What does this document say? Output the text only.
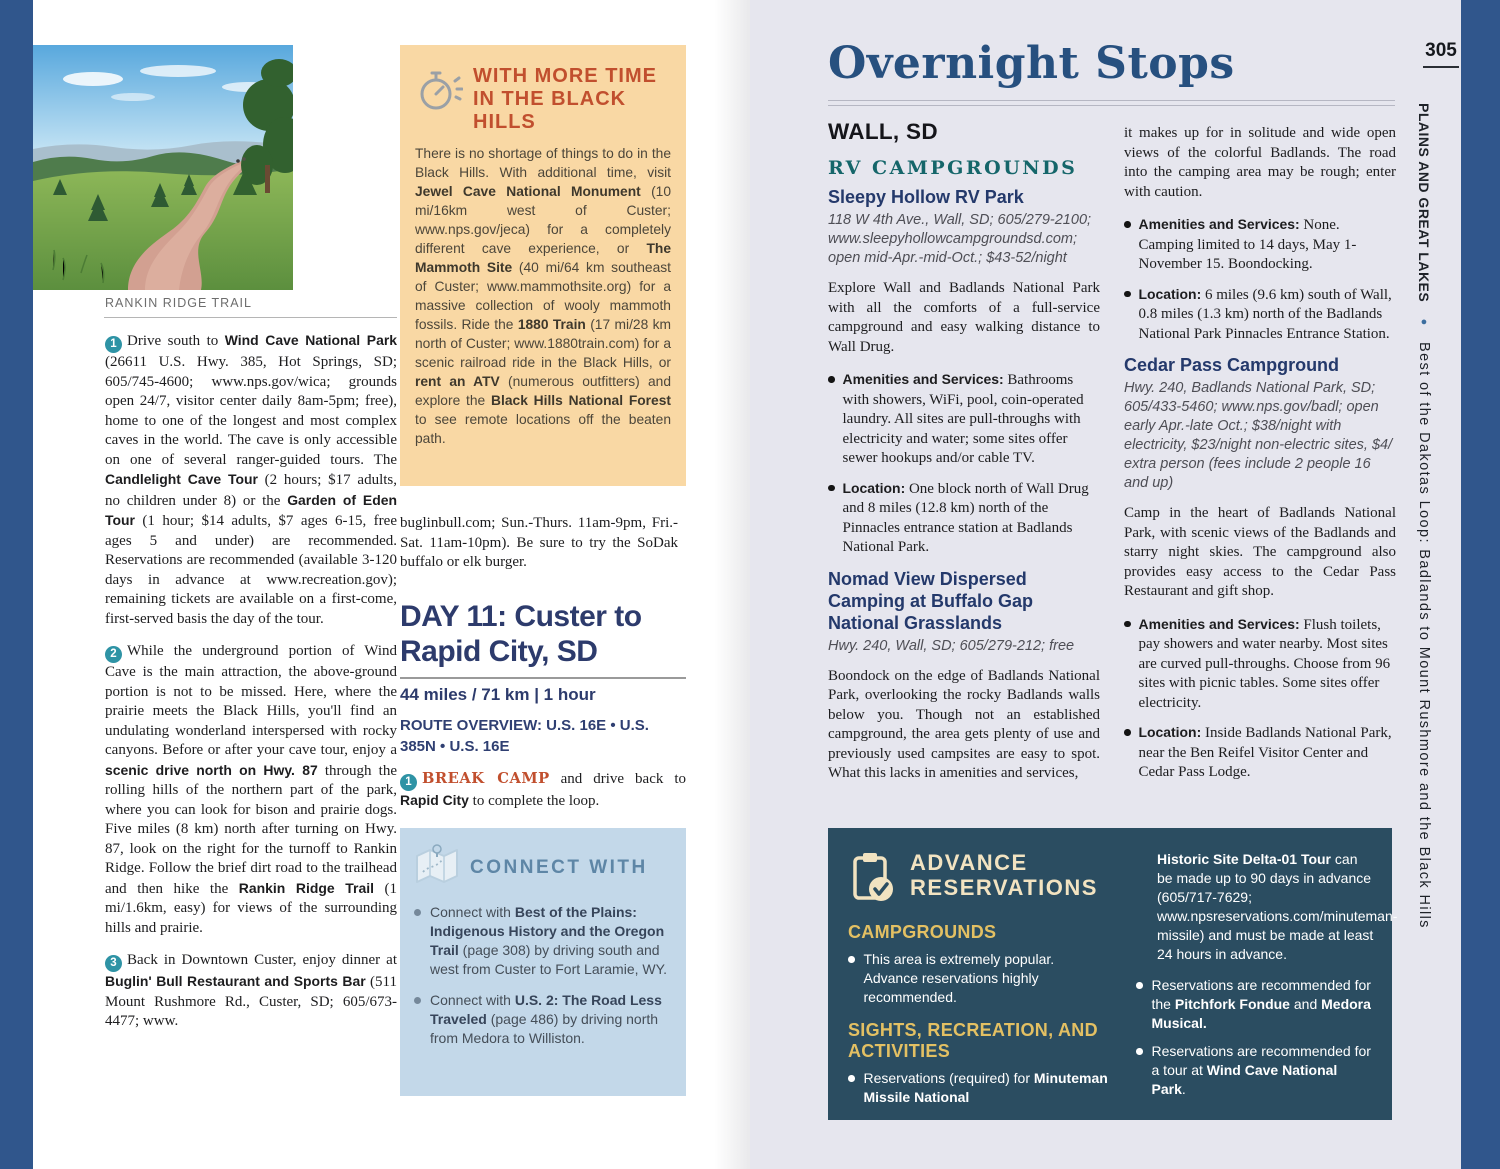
RANKIN RIDGE TRAIL

1 Drive south to Wind Cave National Park (26611 U.S. Hwy. 385, Hot Springs, SD; 605/745-4600; www.nps.gov/wica; grounds open 24/7, visitor center daily 8am-5pm; free), home to one of the longest and most complex caves in the world. The cave is only accessible on one of several ranger-guided tours. The Candlelight Cave Tour (2 hours; $17 adults, no children under 8) or the Garden of Eden Tour (1 hour; $14 adults, $7 ages 6-15, free ages 5 and under) are recommended. Reservations are recommended (available 3-120 days in advance at www.recreation.gov); remaining tickets are available on a first-come, first-served basis the day of the tour.

2 While the underground portion of Wind Cave is the main attraction, the above-ground portion is not to be missed. Here, where the prairie meets the Black Hills, you'll find an undulating wonderland interspersed with rocky canyons. Before or after your cave tour, enjoy a scenic drive north on Hwy. 87 through the rolling hills of the northern part of the park, where you can look for bison and prairie dogs. Five miles (8 km) north after turning on Hwy. 87, look on the right for the turnoff to Rankin Ridge. Follow the brief dirt road to the trailhead and then hike the Rankin Ridge Trail (1 mi/1.6km, easy) for views of the surrounding hills and prairie.

3 Back in Downtown Custer, enjoy dinner at Buglin' Bull Restaurant and Sports Bar (511 Mount Rushmore Rd., Custer, SD; 605/673-4477; www.

WITH MORE TIME IN THE BLACK HILLS

There is no shortage of things to do in the Black Hills. With additional time, visit Jewel Cave National Monument (10 mi/16km west of Custer; www.nps.gov/jeca) for a completely different cave experience, or The Mammoth Site (40 mi/64 km southeast of Custer; www.mammothsite.org) for a massive collection of wooly mammoth fossils. Ride the 1880 Train (17 mi/28 km north of Custer; www.1880train.com) for a scenic railroad ride in the Black Hills, or rent an ATV (numerous outfitters) and explore the Black Hills National Forest to see remote locations off the beaten path.

buglinbull.com; Sun.-Thurs. 11am-9pm, Fri.-Sat. 11am-10pm). Be sure to try the SoDak buffalo or elk burger.

DAY 11: Custer to Rapid City, SD
44 miles / 71 km | 1 hour
ROUTE OVERVIEW: U.S. 16E • U.S. 385N • U.S. 16E

1 BREAK CAMP and drive back to Rapid City to complete the loop.

CONNECT WITH
Connect with Best of the Plains: Indigenous History and the Oregon Trail (page 308) by driving south and west from Custer to Fort Laramie, WY.
Connect with U.S. 2: The Road Less Traveled (page 486) by driving north from Medora to Williston.
Overnight Stops
WALL, SD
RV CAMPGROUNDS
Sleepy Hollow RV Park
118 W 4th Ave., Wall, SD; 605/279-2100; www.sleepyhollowcampgroundsd.com; open mid-Apr.-mid-Oct.; $43-52/night

Explore Wall and Badlands National Park with all the comforts of a full-service campground and easy walking distance to Wall Drug.

Amenities and Services: Bathrooms with showers, WiFi, pool, coin-operated laundry. All sites are pull-throughs with electricity and water; some sites offer sewer hookups and/or cable TV.
Location: One block north of Wall Drug and 8 miles (12.8 km) north of the Pinnacles entrance station at Badlands National Park.
Nomad View Dispersed Camping at Buffalo Gap National Grasslands
Hwy. 240, Wall, SD; 605/279-212; free

Boondock on the edge of Badlands National Park, overlooking the rocky Badlands walls below you. Though not an established campground, the area gets plenty of use and previously used campsites are easy to spot. What this lacks in amenities and services,

it makes up for in solitude and wide open views of the colorful Badlands. The road into the camping area may be rough; enter with caution.

Amenities and Services: None. Camping limited to 14 days, May 1-November 15. Boondocking.
Location: 6 miles (9.6 km) south of Wall, 0.8 miles (1.3 km) north of the Badlands National Park Pinnacles Entrance Station.
Cedar Pass Campground
Hwy. 240, Badlands National Park, SD; 605/433-5460; www.nps.gov/badl; open early Apr.-late Oct.; $38/night with electricity, $23/night non-electric sites, $4/ extra person (fees include 2 people 16 and up)

Camp in the heart of Badlands National Park, with scenic views of the Badlands and starry night skies. The campground also provides easy access to the Cedar Pass Restaurant and gift shop.

Amenities and Services: Flush toilets, pay showers and water nearby. Most sites are curved pull-throughs. Choose from 96 sites with picnic tables. Some sites offer electricity.
Location: Inside Badlands National Park, near the Ben Reifel Visitor Center and Cedar Pass Lodge.
ADVANCE RESERVATIONS
CAMPGROUNDS
This area is extremely popular. Advance reservations highly recommended.
SIGHTS, RECREATION, AND ACTIVITIES
Reservations (required) for Minuteman Missile National

Historic Site Delta-01 Tour can be made up to 90 days in advance (605/717-7629; www.npsreservations.com/minuteman-missile) and must be made at least 24 hours in advance.

Reservations are recommended for the Pitchfork Fondue and Medora Musical.
Reservations are recommended for a tour at Wind Cave National Park.
305
PLAINS AND GREAT LAKES ● Best of the Dakotas Loop: Badlands to Mount Rushmore and the Black Hills
